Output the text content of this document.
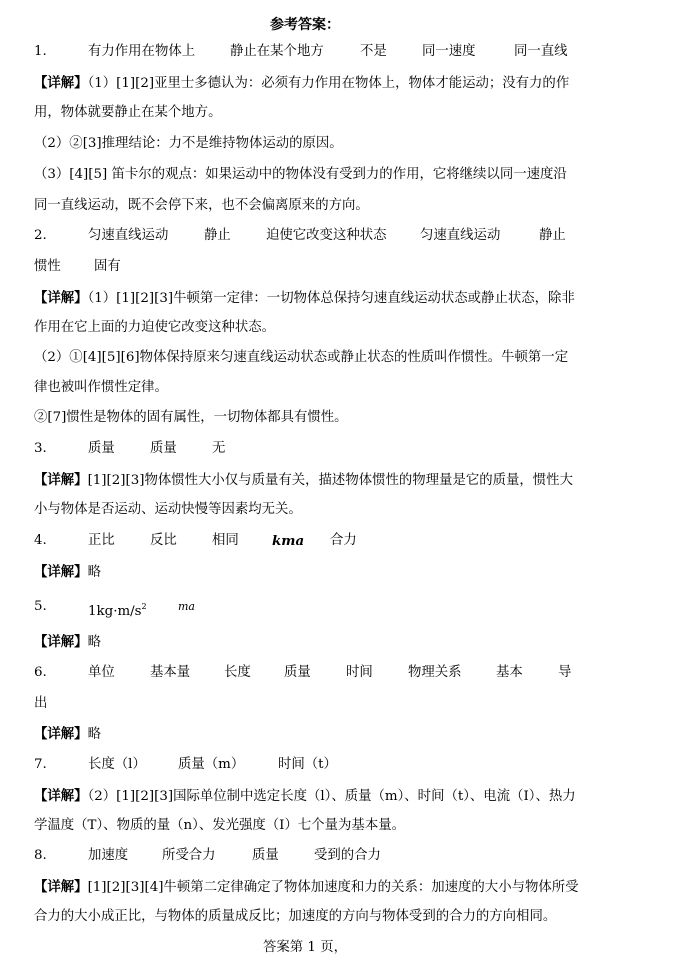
参考答案：
1.	有力作用在物体上	静止在某个地方	不是	同一速度	同一直线
【详解】（1）[1][2]亚里士多德认为：必须有力作用在物体上，物体才能运动；没有力的作
用，物体就要静止在某个地方。
（2）②[3]推理结论：力不是维持物体运动的原因。
（3）[4][5] 笛卡尔的观点：如果运动中的物体没有受到力的作用，它将继续以同一速度沿
同一直线运动，既不会停下来，也不会偏离原来的方向。
2.	匀速直线运动	静止	迫使它改变这种状态 匀速直线运动	静止
惯性 固有
【详解】（1）[1][2][3]牛顿第一定律：一切物体总保持匀速直线运动状态或静止状态，除非
作用在它上面的力迫使它改变这种状态。
（2）①[4][5][6]物体保持原来匀速直线运动状态或静止状态的性质叫作惯性。牛顿第一定
律也被叫作惯性定律。
②[7]惯性是物体的固有属性，一切物体都具有惯性。
3.	质量	质量	无
【详解】[1][2][3]物体惯性大小仅与质量有关，描述物体惯性的物理量是它的质量，惯性大
小与物体是否运动、运动快慢等因素均无关。
4.	正比	反比	相同 kma 合力
【详解】略
5.	$1kg\cdot m/s^2$	ma
【详解】略
6.	单位	基本量	长度 质量	时间	物理关系	基本	导
出
【详解】略
7.	长度（l） 质量（m）	时间（t）
【详解】（2）[1][2][3]国际单位制中选定长度（l）、质量（m）、时间（t）、电流（I）、热力
学温度（T）、物质的量（n）、发光强度（I）七个量为基本量。
8.	加速度	所受合力	质量	受到的合力
【详解】[1][2][3][4]牛顿第二定律确定了物体加速度和力的关系：加速度的大小与物体所受
合力的大小成正比，与物体的质量成反比；加速度的方向与物体受到的合力的方向相同。
答案第 1 页，
